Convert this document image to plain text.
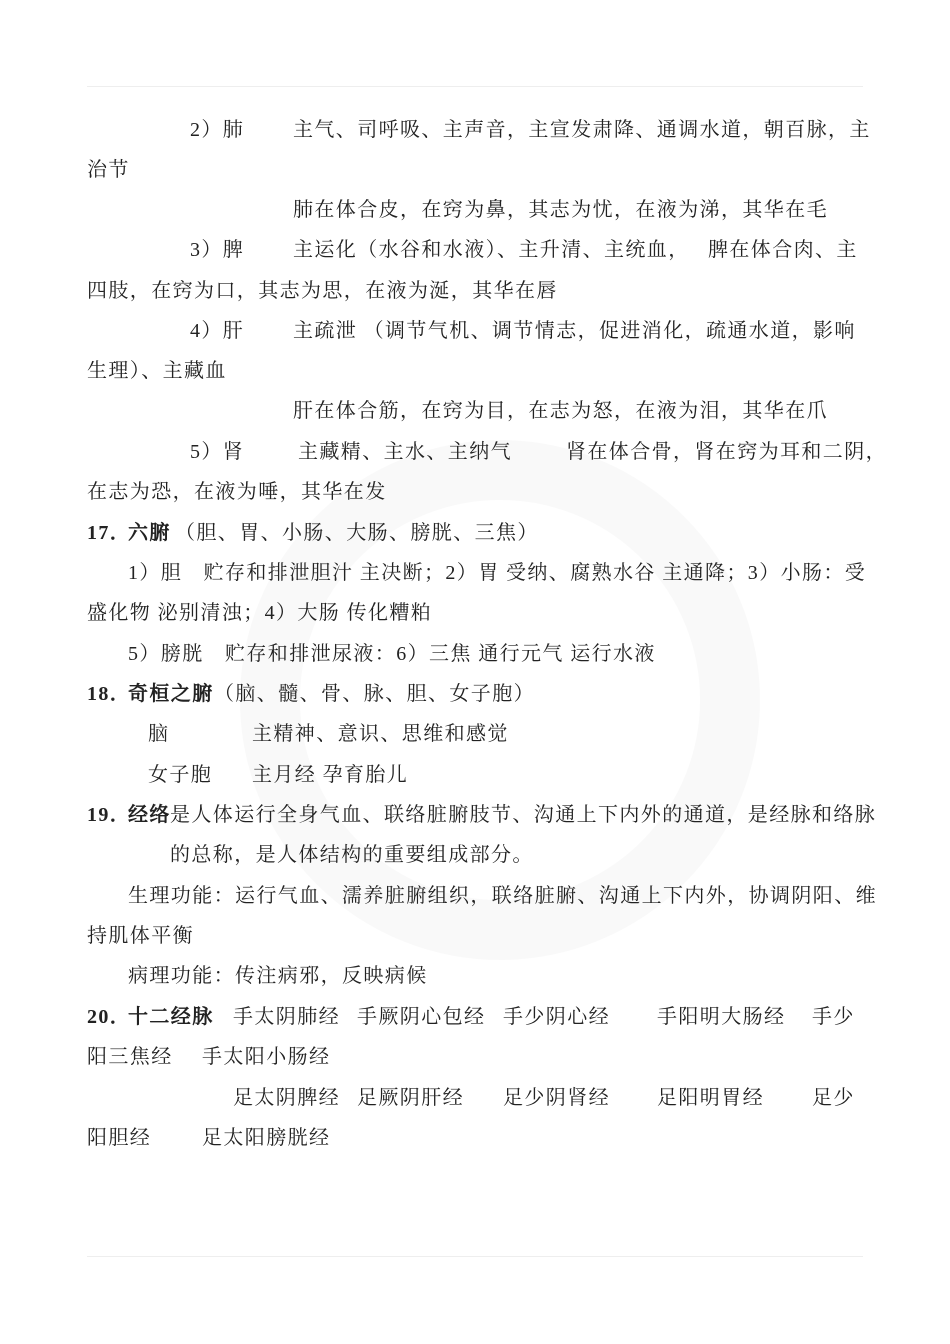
2）肺 主气、司呼吸、主声音，主宣发肃降、通调水道，朝百脉，主
治节
肺在体合皮，在窍为鼻，其志为忧，在液为涕，其华在毛
3）脾 主运化（水谷和水液）、主升清、主统血， 脾在体合肉、主
四肢，在窍为口，其志为思，在液为涎，其华在唇
4）肝 主疏泄 （调节气机、调节情志，促进消化，疏通水道，影响
生理）、主藏血
肝在体合筋，在窍为目，在志为怒，在液为泪，其华在爪
5）肾	主藏精、主水、主纳气	肾在体合骨，肾在窍为耳和二阴，
在志为恐，在液为唾，其华在发
17．
六腑 （胆、胃、小肠、大肠、膀胱、三焦）
1）胆　贮存和排泄胆汁 主决断；2）胃 受纳、腐熟水谷 主通降；3）小肠：受
盛化物 泌别清浊；4）大肠 传化糟粕
5）膀胱　贮存和排泄尿液：6）三焦 通行元气 运行水液
18．
奇桓之腑 （脑、髓、骨、脉、胆、女子胞）
脑	主精神、意识、思维和感觉
女子胞 主月经 孕育胎儿
19．
经络 是人体运行全身气血、联络脏腑肢节、沟通上下内外的通道，是经脉和络脉
的总称，是人体结构的重要组成部分。
生理功能：运行气血、濡养脏腑组织，联络脏腑、沟通上下内外，协调阴阳、维
持肌体平衡
病理功能：传注病邪，反映病候
20．
十二经脉 手太阴肺经 手厥阴心包经 手少阴心经 手阳明大肠经 手少
阳三焦经 手太阳小肠经
足太阴脾经 足厥阴肝经 足少阴肾经 足阳明胃经 足少
阳胆经	足太阳膀胱经
